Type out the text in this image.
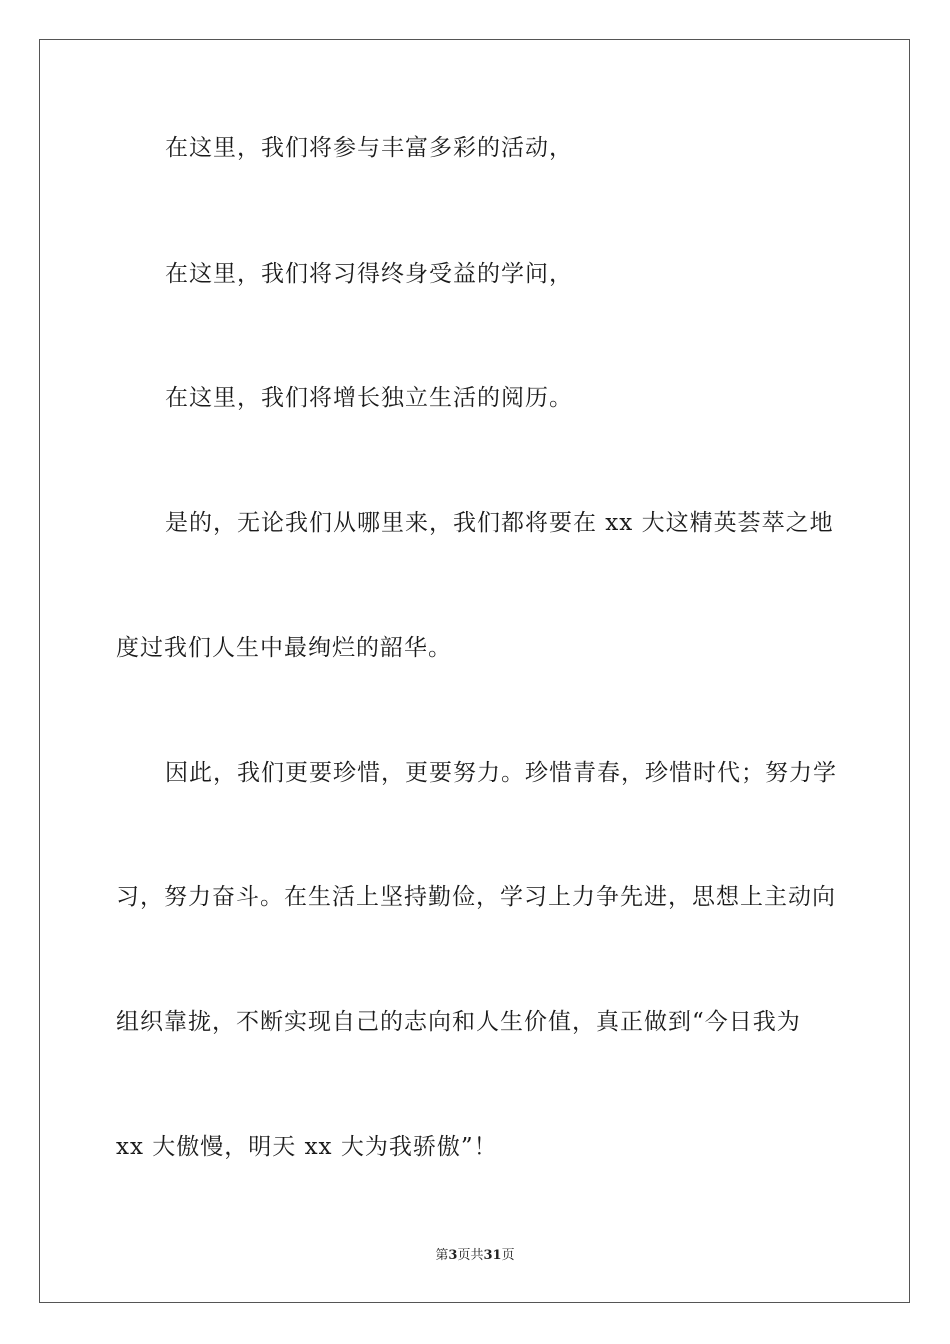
在这里，我们将参与丰富多彩的活动，
在这里，我们将习得终身受益的学问，
在这里，我们将增长独立生活的阅历。
是的，无论我们从哪里来，我们都将要在 xx 大这精英荟萃之地
度过我们人生中最绚烂的韶华。
因此，我们更要珍惜，更要努力。珍惜青春，珍惜时代；努力学
习，努力奋斗。在生活上坚持勤俭，学习上力争先进，思想上主动向
组织靠拢，不断实现自己的志向和人生价值，真正做到“今日我为
xx 大傲慢，明天 xx 大为我骄傲”！
第3页共31页
